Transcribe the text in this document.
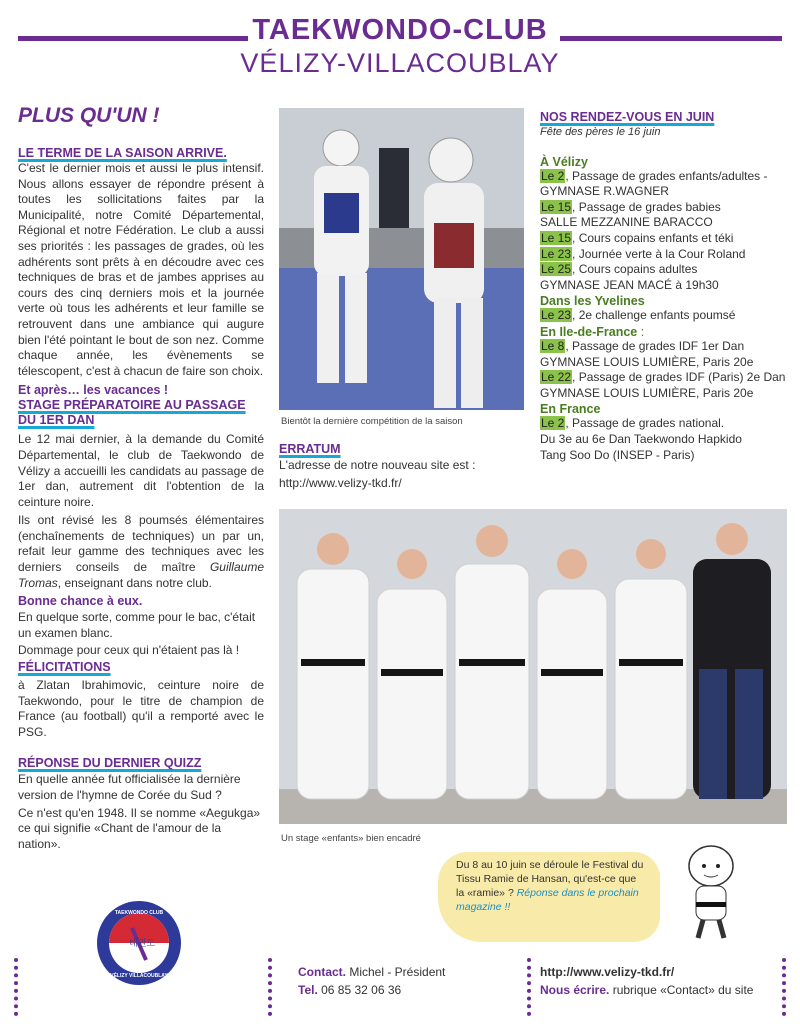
TAEKWONDO-CLUB
VÉLIZY-VILLACOUBLAY
PLUS QU'UN !
LE TERME DE LA SAISON ARRIVE.
C'est le dernier mois et aussi le plus intensif. Nous allons essayer de répondre présent à toutes les sollicitations faites par la Municipalité, notre Comité Départemental, Régional et notre Fédération. Le club a aussi ses priorités : les passages de grades, où les adhérents sont prêts à en découdre avec ces techniques de bras et de jambes apprises au cours des cinq derniers mois et la journée verte où tous les adhérents et leur famille se retrouvent dans une ambiance qui augure bien l'été pointant le bout de son nez. Comme chaque année, les évènements se télescopent, c'est à chacun de faire son choix.
Et après… les vacances !
STAGE PRÉPARATOIRE AU PASSAGE DU 1ER DAN
Le 12 mai dernier, à la demande du Comité Départemental, le club de Taekwondo de Vélizy a accueilli les candidats au passage de 1er dan, autrement dit l'obtention de la ceinture noire.
Ils ont révisé les 8 poumsés élémentaires (enchaînements de techniques) un par un, refait leur gamme des techniques avec les derniers conseils de maître Guillaume Tromas, enseignant dans notre club.
Bonne chance à eux.
En quelque sorte, comme pour le bac, c'était un examen blanc.
Dommage pour ceux qui n'étaient pas là !
FÉLICITATIONS
à Zlatan Ibrahimovic, ceinture noire de Taekwondo, pour le titre de champion de France (au football) qu'il a remporté avec le PSG.
RÉPONSE DU DERNIER QUIZZ
En quelle année fut officialisée la dernière version de l'hymne de Corée du Sud ?
Ce n'est qu'en 1948. Il se nomme «Aegukga» ce qui signifie «Chant de l'amour de la nation».
Bientôt la dernière compétition de la saison
ERRATUM
L'adresse de notre nouveau site est :
http://www.velizy-tkd.fr/
NOS RENDEZ-VOUS EN JUIN
Fête des pères le 16 juin
À Vélizy
Le 2, Passage de grades enfants/adultes - GYMNASE R.WAGNER
Le 15, Passage de grades babies
SALLE MEZZANINE BARACCO
Le 15, Cours copains enfants et téki
Le 23, Journée verte à la Cour Roland
Le 25, Cours copains adultes
GYMNASE JEAN MACÉ à 19h30
Dans les Yvelines
Le 23, 2e challenge enfants poumsé
En Ile-de-France :
Le 8, Passage de grades IDF 1er Dan
GYMNASE LOUIS LUMIÈRE, Paris 20e
Le 22, Passage de grades IDF (Paris) 2e Dan
GYMNASE LOUIS LUMIÈRE, Paris 20e
En France
Le 2, Passage de grades national.
Du 3e au 6e Dan Taekwondo Hapkido
Tang Soo Do (INSEP - Paris)
Un stage «enfants» bien encadré
Du 8 au 10 juin se déroule le Festival du Tissu Ramie de Hansan, qu'est-ce que la «ramie» ? Réponse dans le prochain magazine !!
태권도
TAEKWONDO CLUB
VÉLIZY VILLACOUBLAY	Contact. Michel - Président
Tel. 06 85 32 06 36
http://www.velizy-tkd.fr/
Nous écrire. rubrique «Contact» du site
